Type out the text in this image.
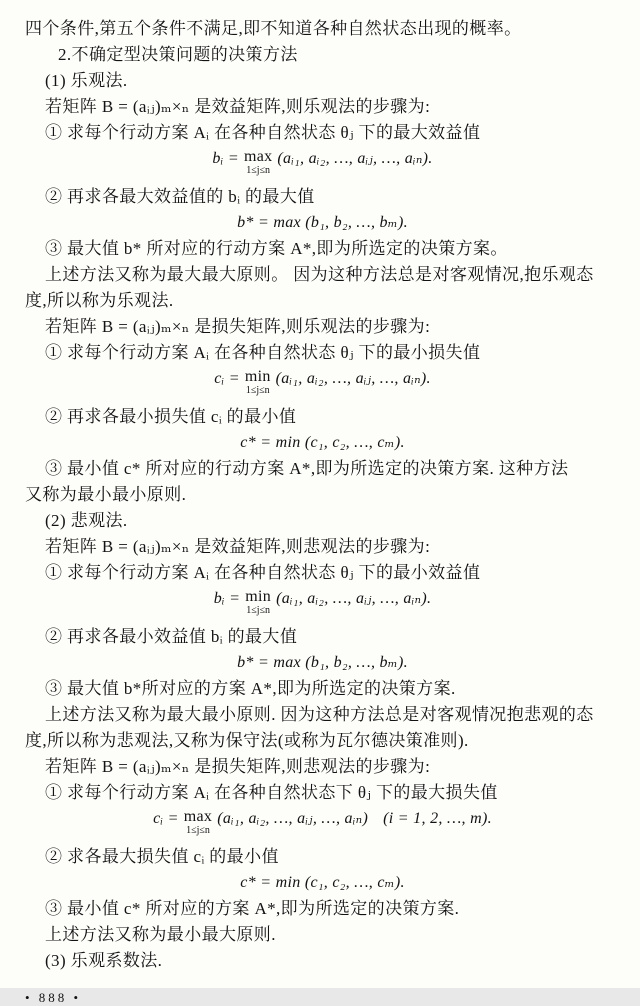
四个条件,第五个条件不满足,即不知道各种自然状态出现的概率。
2.不确定型决策问题的决策方法
(1) 乐观法.
若矩阵 B = (aᵢⱼ)ₘ×ₙ 是效益矩阵,则乐观法的步骤为:
① 求每个行动方案 Aᵢ 在各种自然状态 θⱼ 下的最大效益值
bᵢ = max
1≤j≤n
(aᵢ₁, aᵢ₂, …, aᵢⱼ, …, aᵢₙ).
② 再求各最大效益值的 bᵢ 的最大值
b* = max (b₁, b₂, …, bₘ).
③ 最大值 b* 所对应的行动方案 A*,即为所选定的决策方案。
上述方法又称为最大最大原则。 因为这种方法总是对客观情况,抱乐观态
度,所以称为乐观法.
若矩阵 B = (aᵢⱼ)ₘ×ₙ 是损失矩阵,则乐观法的步骤为:
① 求每个行动方案 Aᵢ 在各种自然状态 θⱼ 下的最小损失值
cᵢ = min
1≤j≤n
(aᵢ₁, aᵢ₂, …, aᵢⱼ, …, aᵢₙ).
② 再求各最小损失值 cᵢ 的最小值
c* = min (c₁, c₂, …, cₘ).
③ 最小值 c* 所对应的行动方案 A*,即为所选定的决策方案. 这种方法
又称为最小最小原则.
(2) 悲观法.
若矩阵 B = (aᵢⱼ)ₘ×ₙ 是效益矩阵,则悲观法的步骤为:
① 求每个行动方案 Aᵢ 在各种自然状态 θⱼ 下的最小效益值
bᵢ = min
1≤j≤n
(aᵢ₁, aᵢ₂, …, aᵢⱼ, …, aᵢₙ).
② 再求各最小效益值 bᵢ 的最大值
b* = max (b₁, b₂, …, bₘ).
③ 最大值 b*所对应的方案 A*,即为所选定的决策方案.
上述方法又称为最大最小原则. 因为这种方法总是对客观情况抱悲观的态
度,所以称为悲观法,又称为保守法(或称为瓦尔德决策准则).
若矩阵 B = (aᵢⱼ)ₘ×ₙ 是损失矩阵,则悲观法的步骤为:
① 求每个行动方案 Aᵢ 在各种自然状态下 θⱼ 下的最大损失值
cᵢ = max
1≤j≤n
(aᵢ₁, aᵢ₂, …, aᵢⱼ, …, aᵢₙ) (i = 1, 2, …, m).
② 求各最大损失值 cᵢ 的最小值
c* = min (c₁, c₂, …, cₘ).
③ 最小值 c* 所对应的方案 A*,即为所选定的决策方案.
上述方法又称为最小最大原则.
(3) 乐观系数法.
• 888 •
